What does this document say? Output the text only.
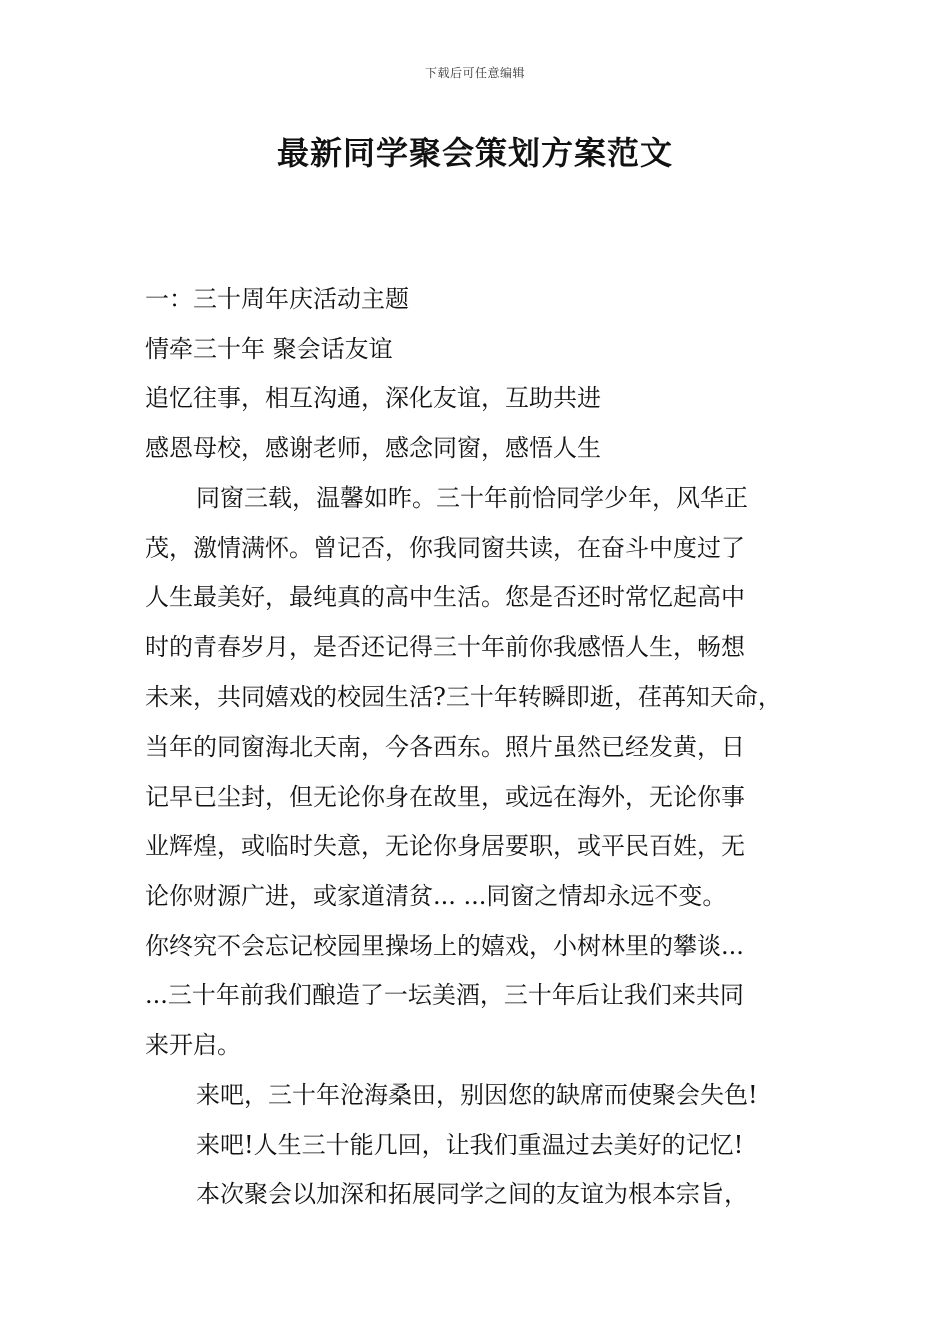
下载后可任意编辑
最新同学聚会策划方案范文
一：三十周年庆活动主题
情牵三十年 聚会话友谊
追忆往事，相互沟通，深化友谊，互助共进
感恩母校，感谢老师，感念同窗，感悟人生
同窗三载，温馨如昨。三十年前恰同学少年，风华正
茂，激情满怀。曾记否，你我同窗共读，在奋斗中度过了
人生最美好，最纯真的高中生活。您是否还时常忆起高中
时的青春岁月，是否还记得三十年前你我感悟人生，畅想
未来，共同嬉戏的校园生活?三十年转瞬即逝，荏苒知天命，
当年的同窗海北天南，今各西东。照片虽然已经发黄，日
记早已尘封，但无论你身在故里，或远在海外，无论你事
业辉煌，或临时失意，无论你身居要职，或平民百姓，无
论你财源广进，或家道清贫... ...同窗之情却永远不变。
你终究不会忘记校园里操场上的嬉戏，小树林里的攀谈...
...三十年前我们酿造了一坛美酒，三十年后让我们来共同
来开启。
来吧，三十年沧海桑田，别因您的缺席而使聚会失色!
来吧!人生三十能几回，让我们重温过去美好的记忆!
本次聚会以加深和拓展同学之间的友谊为根本宗旨，
